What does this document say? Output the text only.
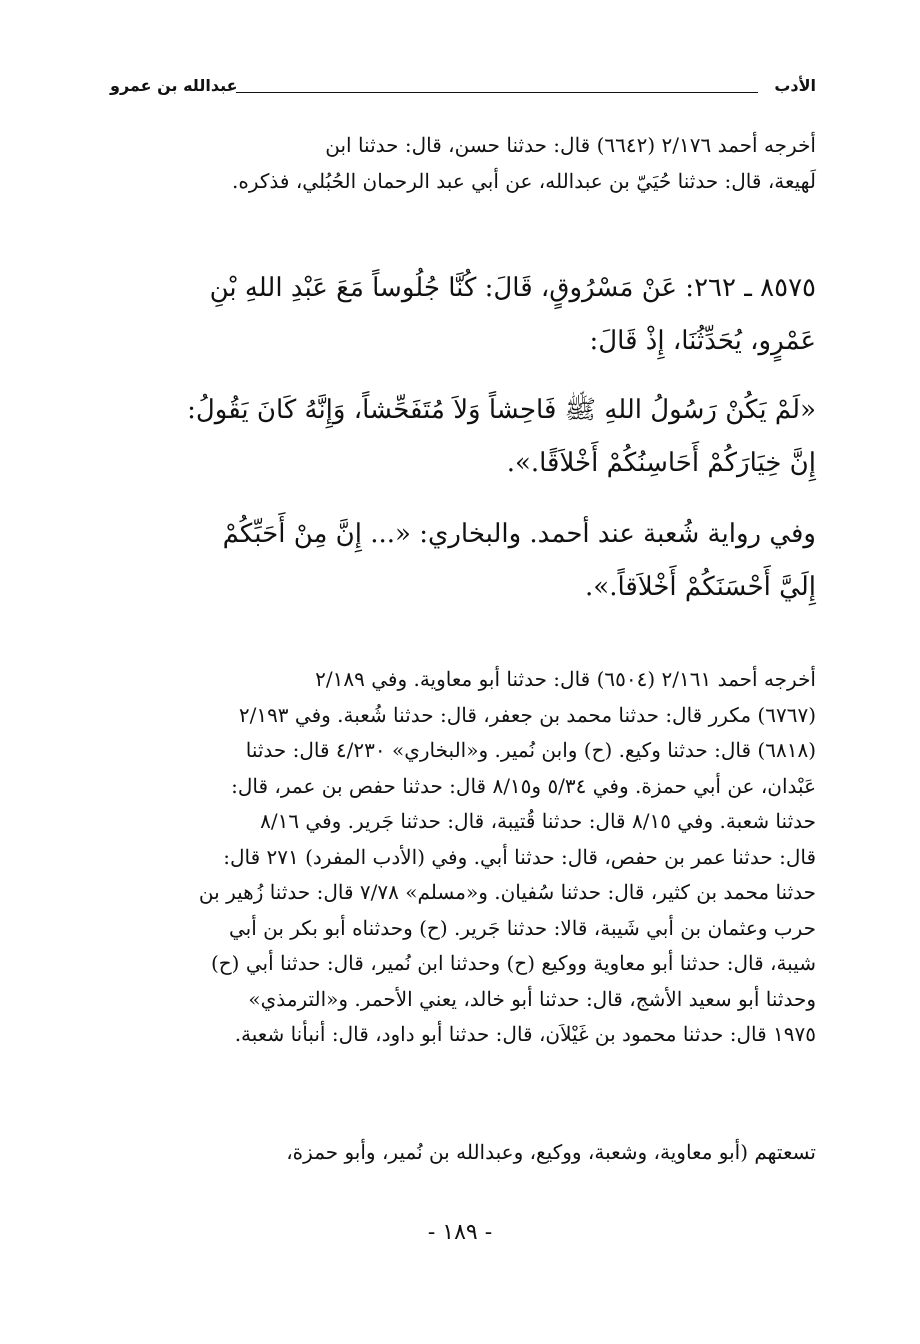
الأدب
عبدالله بن عمرو
أخرجه أحمد ٢/١٧٦ (٦٦٤٢) قال: حدثنا حسن، قال: حدثنا ابن
لَهيعة، قال: حدثنا حُيَيّ بن عبدالله، عن أبي عبد الرحمان الحُبُلي، فذكره.
٨٥٧٥ ـ ٢٦٢: عَنْ مَسْرُوقٍ، قَالَ: كُنَّا جُلُوساً مَعَ عَبْدِ اللهِ بْنِ
عَمْرٍو، يُحَدِّثُنَا، إِذْ قَالَ:
«لَمْ يَكُنْ رَسُولُ اللهِ ﷺ فَاحِشاً وَلاَ مُتَفَحِّشاً، وَإِنَّهُ كَانَ يَقُولُ:
إِنَّ خِيَارَكُمْ أَحَاسِنُكُمْ أَخْلاَقًا.».
وفي رواية شُعبة عند أحمد. والبخاري: «... إِنَّ مِنْ أَحَبِّكُمْ
إِلَيَّ أَحْسَنَكُمْ أَخْلاَقاً.».
أخرجه أحمد ٢/١٦١ (٦٥٠٤) قال: حدثنا أبو معاوية. وفي ٢/١٨٩
(٦٧٦٧) مكرر قال: حدثنا محمد بن جعفر، قال: حدثنا شُعبة. وفي ٢/١٩٣
(٦٨١٨) قال: حدثنا وكيع. (ح) وابن نُمير. و«البخاري» ٤/٢٣٠ قال: حدثنا
عَبْدان، عن أبي حمزة. وفي ٥/٣٤ و٨/١٥ قال: حدثنا حفص بن عمر، قال:
حدثنا شعبة. وفي ٨/١٥ قال: حدثنا قُتيبة، قال: حدثنا جَرير. وفي ٨/١٦
قال: حدثنا عمر بن حفص، قال: حدثنا أبي. وفي (الأدب المفرد) ٢٧١ قال:
حدثنا محمد بن كثير، قال: حدثنا سُفيان. و«مسلم» ٧/٧٨ قال: حدثنا زُهير بن
حرب وعثمان بن أبي شَيبة، قالا: حدثنا جَرير. (ح) وحدثناه أبو بكر بن أبي
شيبة، قال: حدثنا أبو معاوية ووكيع (ح) وحدثنا ابن نُمير، قال: حدثنا أبي (ح)
وحدثنا أبو سعيد الأشج، قال: حدثنا أبو خالد، يعني الأحمر. و«الترمذي»
١٩٧٥ قال: حدثنا محمود بن غَيْلاَن، قال: حدثنا أبو داود، قال: أنبأنا شعبة.
تسعتهم (أبو معاوية، وشعبة، ووكيع، وعبدالله بن نُمير، وأبو حمزة،
- ١٨٩ -
